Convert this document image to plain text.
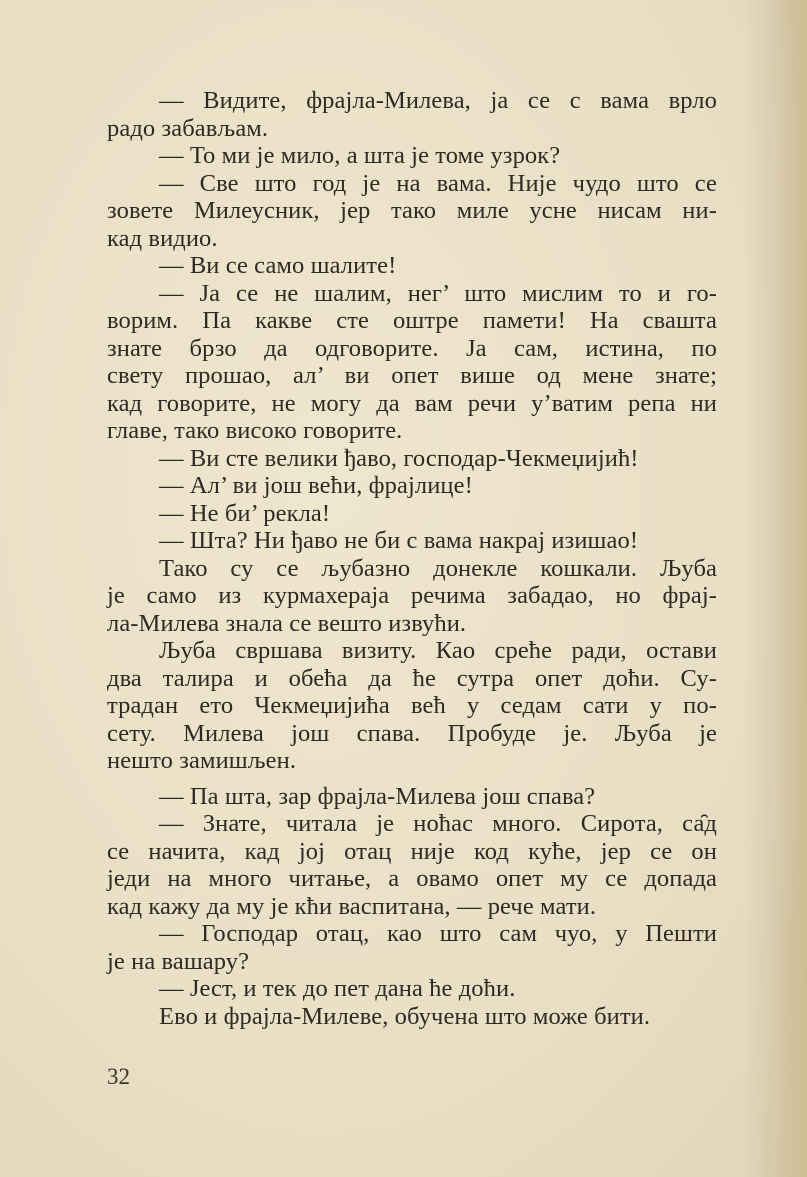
— Видите, фрајла-Милева, ја се с вама врло
радо забављам.
— То ми је мило, а шта је томе узрок?
— Све што год је на вама. Није чудо што се
зовете Милеусник, јер тако миле усне нисам ни-
кад видио.
— Ви се само шалите!
— Ја се не шалим, нег’ што мислим то и го-
ворим. Па какве сте оштре памети! На свашта
знате брзо да одговорите. Ја сам, истина, по
свету прошао, ал’ ви опет више од мене знате;
кад говорите, не могу да вам речи у’ватим репа ни
главе, тако високо говорите.
— Ви сте велики ђаво, господар-Чекмеџијић!
— Ал’ ви још већи, фрајлице!
— Не би’ рекла!
— Шта? Ни ђаво не би с вама накрај изишао!
Тако су се љубазно донекле кошкали. Љуба
је само из курмахераја речима забадао, но фрај-
ла-Милева знала се вешто извући.
Љуба свршава визиту. Као среће ради, остави
два талира и обећа да ће сутра опет доћи. Су-
традан ето Чекмеџијића већ у седам сати у по-
сету. Милева још спава. Пробуде је. Љуба је
нешто замишљен.
— Па шта, зар фрајла-Милева још спава?
— Знате, читала је ноћас много. Сирота, са̑д
се начита, кад јој отац није код куће, јер се он
једи на много читање, а овамо опет му се допада
кад кажу да му је кћи васпитана, — рече мати.
— Господар отац, као што сам чуо, у Пешти
је на вашару?
— Јест, и тек до пет дана ће доћи.
Ево и фрајла-Милеве, обучена што може бити.
32
